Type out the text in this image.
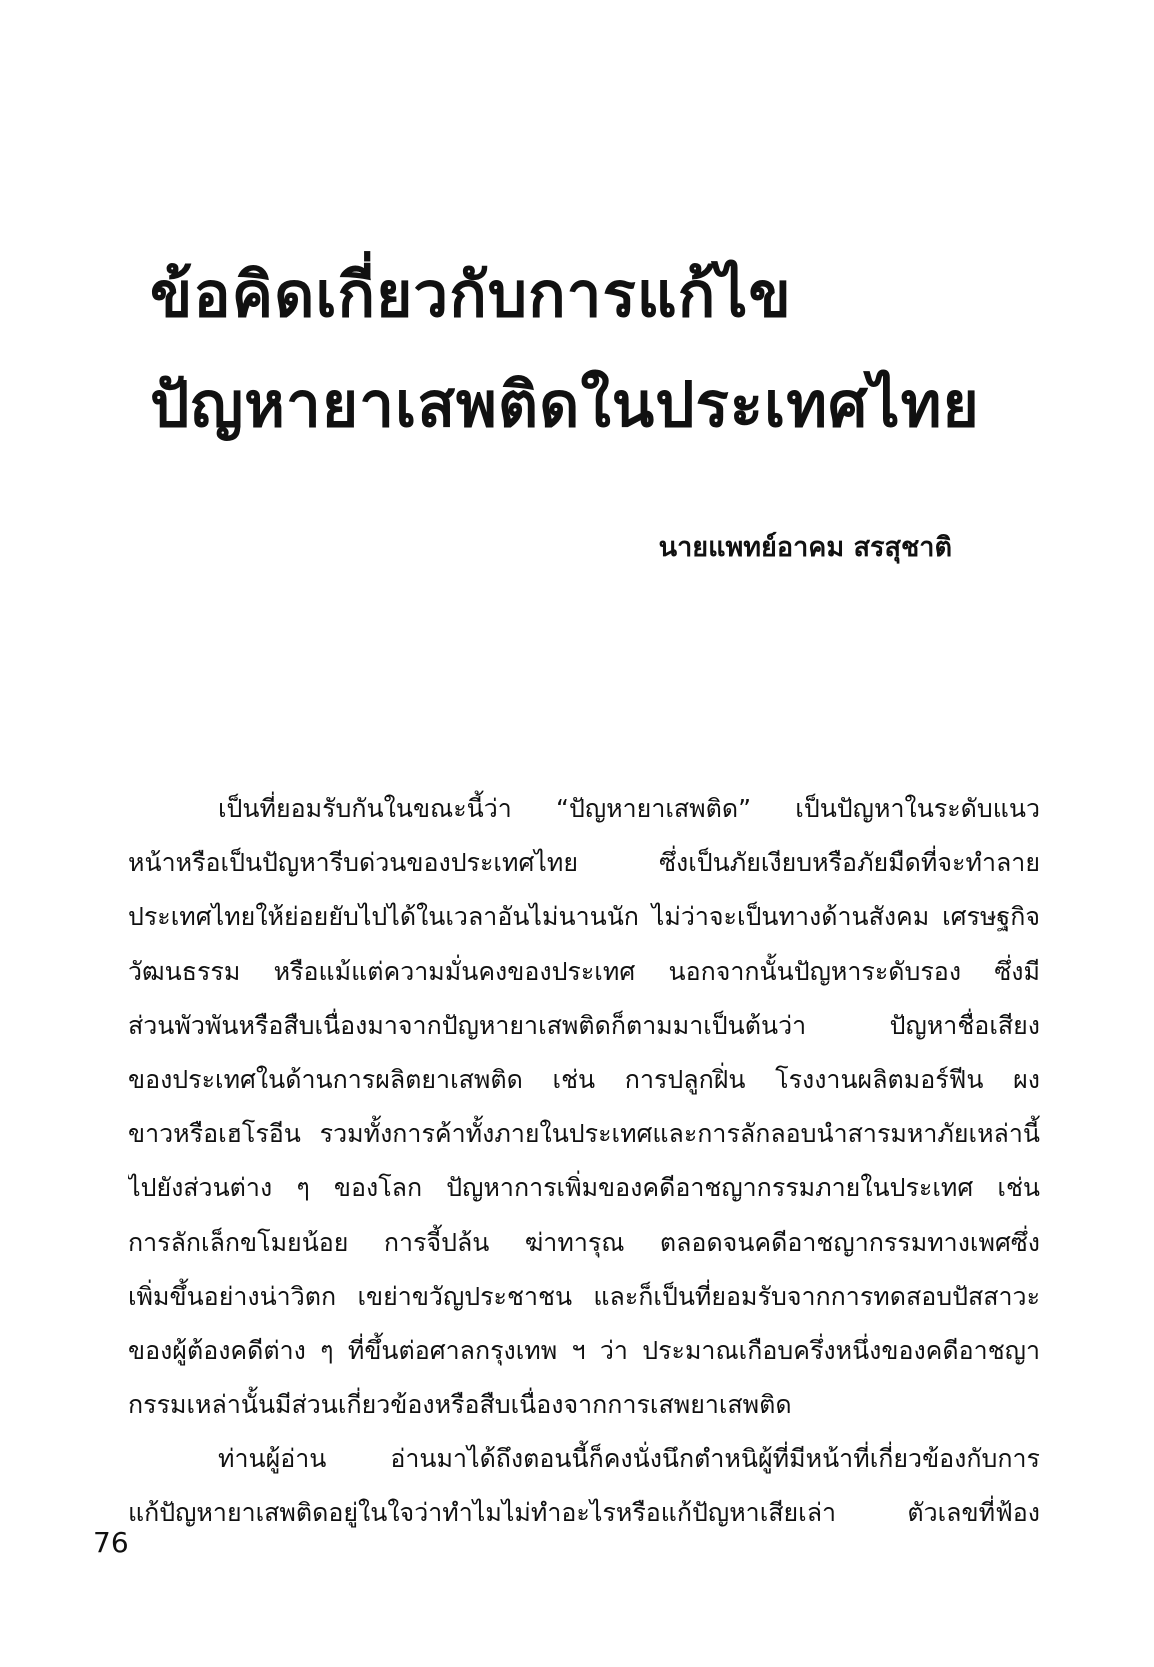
ข้อคิดเกี่ยวกับการแก้ไข
ปัญหายาเสพติดในประเทศไทย
นายแพทย์อาคม สรสุชาติ
เป็นที่ยอมรับกันในขณะนี้ว่า “ปัญหายาเสพติด” เป็นปัญหาในระดับแนว
หน้าหรือเป็นปัญหารีบด่วนของประเทศไทย ซึ่งเป็นภัยเงียบหรือภัยมืดที่จะทำลาย
ประเทศไทยให้ย่อยยับไปได้ในเวลาอันไม่นานนัก ไม่ว่าจะเป็นทางด้านสังคม เศรษฐกิจ
วัฒนธรรม หรือแม้แต่ความมั่นคงของประเทศ นอกจากนั้นปัญหาระดับรอง ซึ่งมี
ส่วนพัวพันหรือสืบเนื่องมาจากปัญหายาเสพติดก็ตามมาเป็นต้นว่า ปัญหาชื่อเสียง
ของประเทศในด้านการผลิตยาเสพติด เช่น การปลูกฝิ่น โรงงานผลิตมอร์ฟีน ผง
ขาวหรือเฮโรอีน รวมทั้งการค้าทั้งภายในประเทศและการลักลอบนำสารมหาภัยเหล่านี้
ไปยังส่วนต่าง ๆ ของโลก ปัญหาการเพิ่มของคดีอาชญากรรมภายในประเทศ เช่น
การลักเล็กขโมยน้อย การจี้ปล้น ฆ่าทารุณ ตลอดจนคดีอาชญากรรมทางเพศซึ่ง
เพิ่มขึ้นอย่างน่าวิตก เขย่าขวัญประชาชน และก็เป็นที่ยอมรับจากการทดสอบปัสสาวะ
ของผู้ต้องคดีต่าง ๆ ที่ขึ้นต่อศาลกรุงเทพ ฯ ว่า ประมาณเกือบครึ่งหนึ่งของคดีอาชญา
กรรมเหล่านั้นมีส่วนเกี่ยวข้องหรือสืบเนื่องจากการเสพยาเสพติด
ท่านผู้อ่าน อ่านมาได้ถึงตอนนี้ก็คงนั่งนึกตำหนิผู้ที่มีหน้าที่เกี่ยวข้องกับการ
แก้ปัญหายาเสพติดอยู่ในใจว่าทำไมไม่ทำอะไรหรือแก้ปัญหาเสียเล่า ตัวเลขที่ฟ้อง
76
